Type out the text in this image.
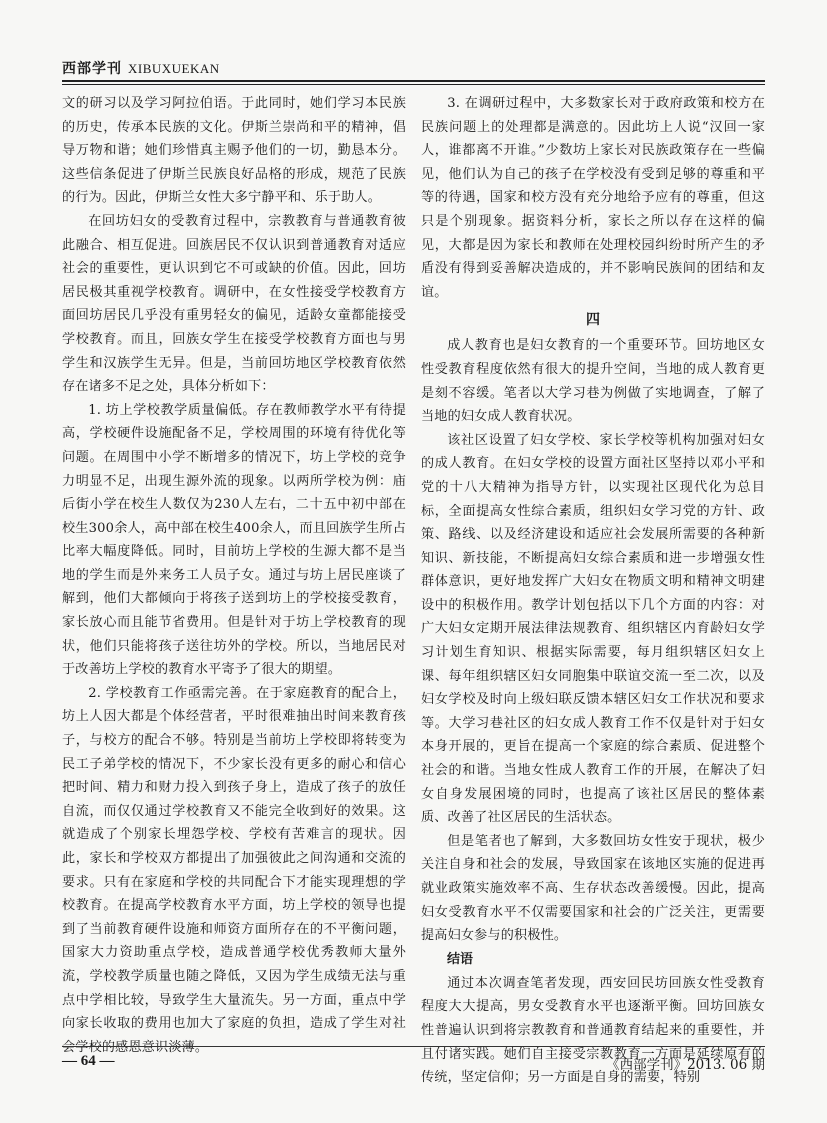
西部学刊 XIBUXUEKAN

文的研习以及学习阿拉伯语。于此同时，她们学习本民族的历史，传承本民族的文化。伊斯兰崇尚和平的精神，倡导万物和谐；她们珍惜真主赐予他们的一切，勤恳本分。这些信条促进了伊斯兰民族良好品格的形成，规范了民族的行为。因此，伊斯兰女性大多宁静平和、乐于助人。

在回坊妇女的受教育过程中，宗教教育与普通教育彼此融合、相互促进。回族居民不仅认识到普通教育对适应社会的重要性，更认识到它不可或缺的价值。因此，回坊居民极其重视学校教育。调研中，在女性接受学校教育方面回坊居民几乎没有重男轻女的偏见，适龄女童都能接受学校教育。而且，回族女学生在接受学校教育方面也与男学生和汉族学生无异。但是，当前回坊地区学校教育依然存在诸多不足之处，具体分析如下：

1. 坊上学校教学质量偏低。存在教师教学水平有待提高，学校硬件设施配备不足，学校周围的环境有待优化等问题。在周围中小学不断增多的情况下，坊上学校的竞争力明显不足，出现生源外流的现象。以两所学校为例：庙后街小学在校生人数仅为230人左右，二十五中初中部在校生300余人，高中部在校生400余人，而且回族学生所占比率大幅度降低。同时，目前坊上学校的生源大都不是当地的学生而是外来务工人员子女。通过与坊上居民座谈了解到，他们大都倾向于将孩子送到坊上的学校接受教育，家长放心而且能节省费用。但是针对于坊上学校教育的现状，他们只能将孩子送往坊外的学校。所以，当地居民对于改善坊上学校的教育水平寄予了很大的期望。

2. 学校教育工作亟需完善。在于家庭教育的配合上，坊上人因大都是个体经营者，平时很难抽出时间来教育孩子，与校方的配合不够。特别是当前坊上学校即将转变为民工子弟学校的情况下，不少家长没有更多的耐心和信心把时间、精力和财力投入到孩子身上，造成了孩子的放任自流，而仅仅通过学校教育又不能完全收到好的效果。这就造成了个别家长埋怨学校、学校有苦难言的现状。因此，家长和学校双方都提出了加强彼此之间沟通和交流的要求。只有在家庭和学校的共同配合下才能实现理想的学校教育。在提高学校教育水平方面，坊上学校的领导也提到了当前教育硬件设施和师资方面所存在的不平衡问题，国家大力资助重点学校，造成普通学校优秀教师大量外流，学校教学质量也随之降低，又因为学生成绩无法与重点中学相比较，导致学生大量流失。另一方面，重点中学向家长收取的费用也加大了家庭的负担，造成了学生对社会学校的感恩意识淡薄。

3. 在调研过程中，大多数家长对于政府政策和校方在民族问题上的处理都是满意的。因此坊上人说“汉回一家人，谁都离不开谁。”少数坊上家长对民族政策存在一些偏见，他们认为自己的孩子在学校没有受到足够的尊重和平等的待遇，国家和校方没有充分地给予应有的尊重，但这只是个别现象。据资料分析，家长之所以存在这样的偏见，大都是因为家长和教师在处理校园纠纷时所产生的矛盾没有得到妥善解决造成的，并不影响民族间的团结和友谊。

四

成人教育也是妇女教育的一个重要环节。回坊地区女性受教育程度依然有很大的提升空间，当地的成人教育更是刻不容缓。笔者以大学习巷为例做了实地调查，了解了当地的妇女成人教育状况。

该社区设置了妇女学校、家长学校等机构加强对妇女的成人教育。在妇女学校的设置方面社区坚持以邓小平和党的十八大精神为指导方针，以实现社区现代化为总目标，全面提高女性综合素质，组织妇女学习党的方针、政策、路线、以及经济建设和适应社会发展所需要的各种新知识、新技能，不断提高妇女综合素质和进一步增强女性群体意识，更好地发挥广大妇女在物质文明和精神文明建设中的积极作用。教学计划包括以下几个方面的内容：对广大妇女定期开展法律法规教育、组织辖区内育龄妇女学习计划生育知识、根据实际需要，每月组织辖区妇女上课、每年组织辖区妇女同胞集中联谊交流一至二次，以及妇女学校及时向上级妇联反馈本辖区妇女工作状况和要求等。大学习巷社区的妇女成人教育工作不仅是针对于妇女本身开展的，更旨在提高一个家庭的综合素质、促进整个社会的和谐。当地女性成人教育工作的开展，在解决了妇女自身发展困境的同时，也提高了该社区居民的整体素质、改善了社区居民的生活状态。

但是笔者也了解到，大多数回坊女性安于现状，极少关注自身和社会的发展，导致国家在该地区实施的促进再就业政策实施效率不高、生存状态改善缓慢。因此，提高妇女受教育水平不仅需要国家和社会的广泛关注，更需要提高妇女参与的积极性。

结语

通过本次调查笔者发现，西安回民坊回族女性受教育程度大大提高，男女受教育水平也逐渐平衡。回坊回族女性普遍认识到将宗教教育和普通教育结起来的重要性，并且付诸实践。她们自主接受宗教教育一方面是延续原有的传统，坚定信仰；另一方面是自身的需要，特别

— 64 —	《西部学刊》2013. 06 期
